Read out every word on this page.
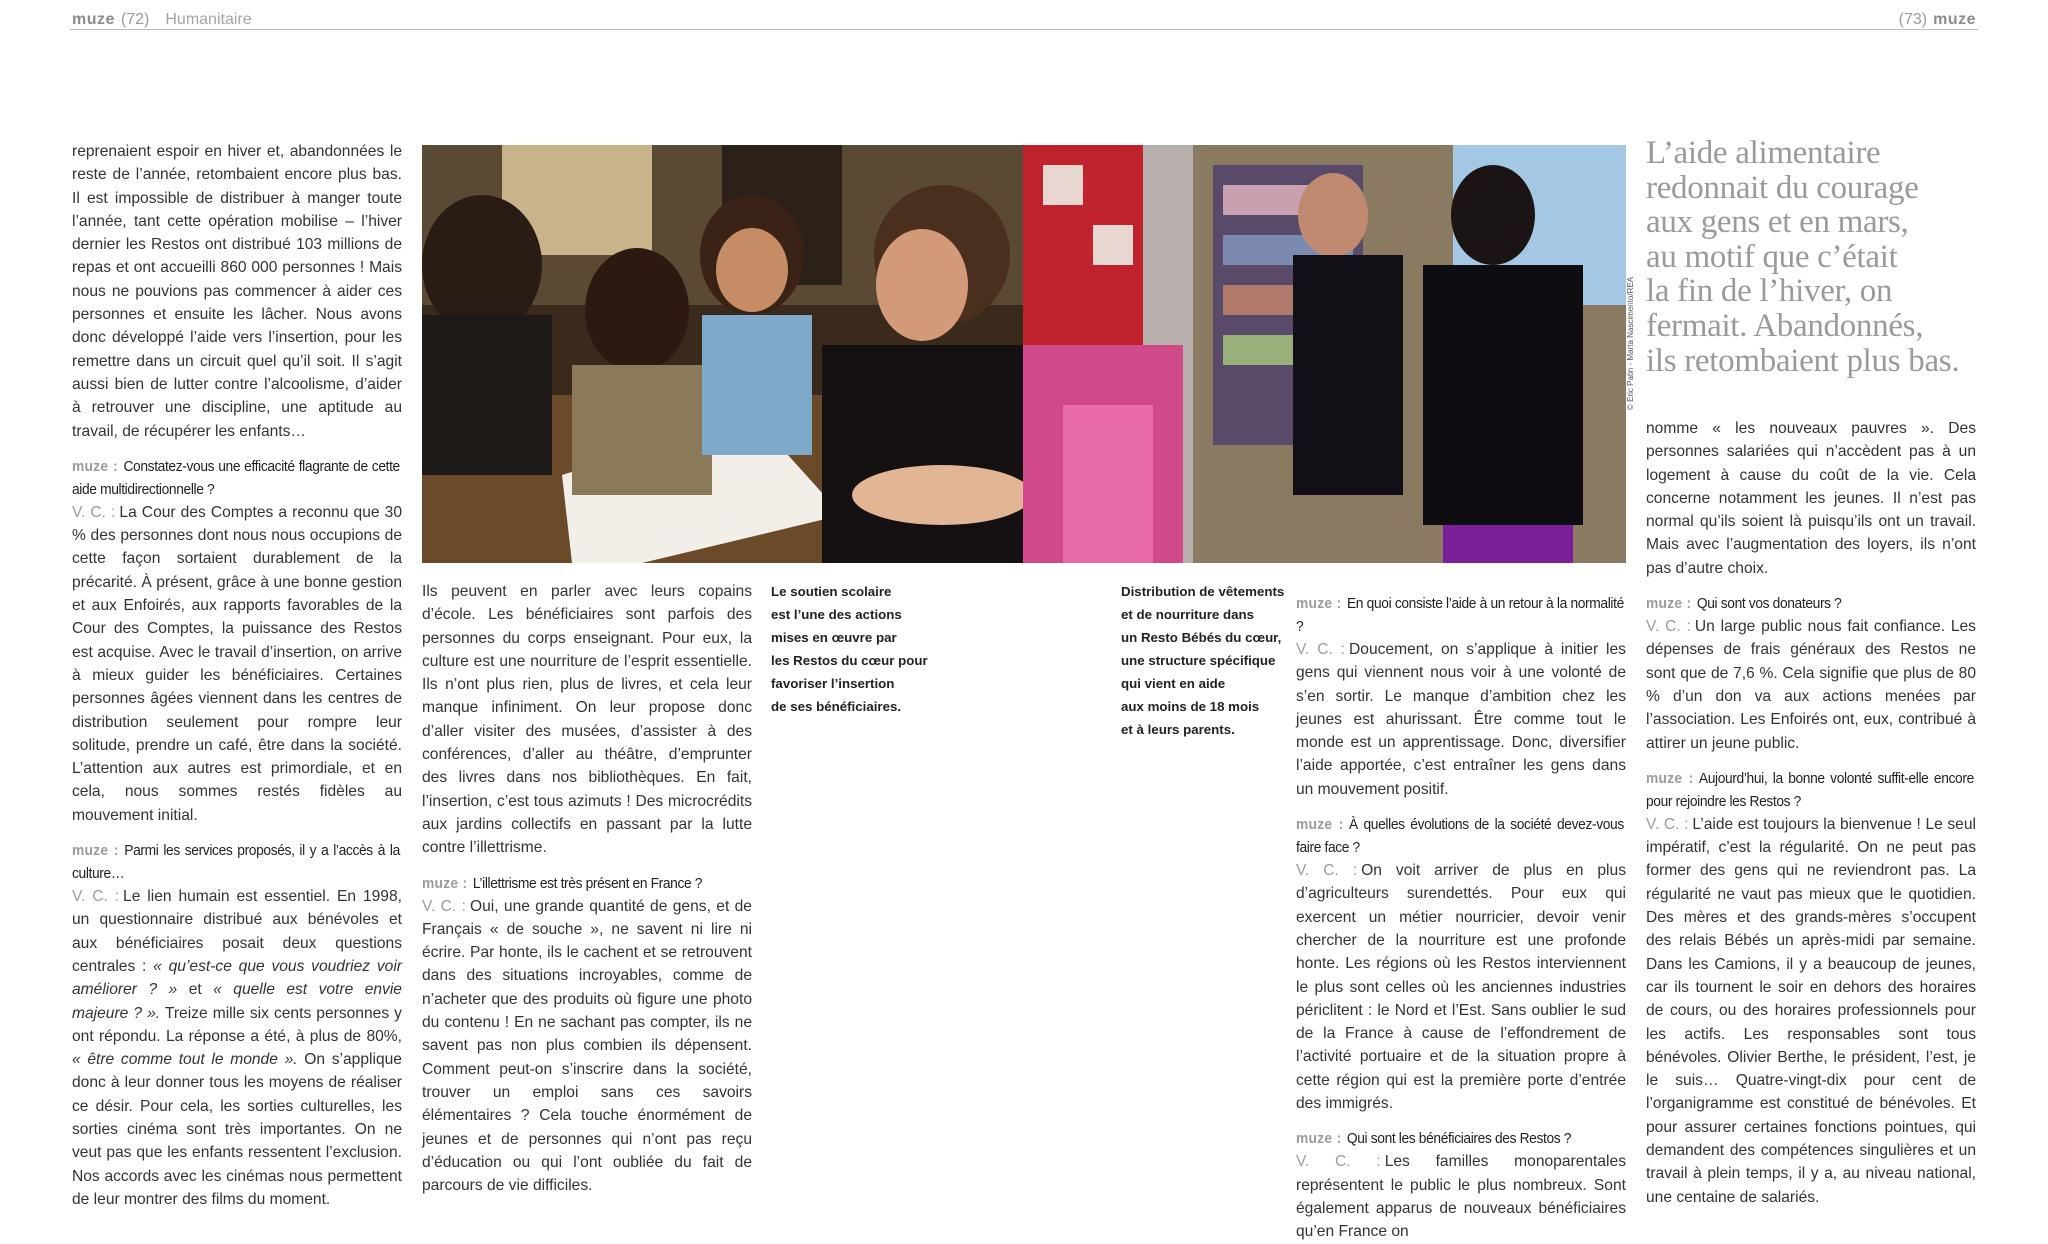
muze (72) Humanitaire	(73) muze

reprenaient espoir en hiver et, abandonnées le reste de l’année, retombaient encore plus bas. Il est impossible de distribuer à manger toute l’année, tant cette opération mobilise – l’hiver dernier les Restos ont distribué 103 millions de repas et ont accueilli 860 000 personnes ! Mais nous ne pouvions pas commencer à aider ces personnes et ensuite les lâcher. Nous avons donc développé l’aide vers l’insertion, pour les remettre dans un circuit quel qu’il soit. Il s’agit aussi bien de lutter contre l’alcoolisme, d’aider à retrouver une discipline, une aptitude au travail, de récupérer les enfants…

muze : Constatez-vous une efficacité flagrante de cette aide multidirectionnelle ?

V. C. : La Cour des Comptes a reconnu que 30 % des personnes dont nous nous occupions de cette façon sortaient durablement de la précarité. À présent, grâce à une bonne gestion et aux Enfoirés, aux rapports favorables de la Cour des Comptes, la puissance des Restos est acquise. Avec le travail d’insertion, on arrive à mieux guider les bénéficiaires. Certaines personnes âgées viennent dans les centres de distribution seulement pour rompre leur solitude, prendre un café, être dans la société. L’attention aux autres est primordiale, et en cela, nous sommes restés fidèles au mouvement initial.

muze : Parmi les services proposés, il y a l’accès à la culture…

V. C. : Le lien humain est essentiel. En 1998, un questionnaire distribué aux bénévoles et aux bénéficiaires posait deux questions centrales : « qu’est-ce que vous voudriez voir améliorer ? » et « quelle est votre envie majeure ? ». Treize mille six cents personnes y ont répondu. La réponse a été, à plus de 80%, « être comme tout le monde ». On s’applique donc à leur donner tous les moyens de réaliser ce désir. Pour cela, les sorties culturelles, les sorties cinéma sont très importantes. On ne veut pas que les enfants ressentent l’exclusion. Nos accords avec les cinémas nous permettent de leur montrer des films du moment.

© Eric Patin - Marta Nascimento/REA
Le soutien scolaire
est l’une des actions
mises en œuvre par
les Restos du cœur pour
favoriser l’insertion
de ses bénéficiaires.
Distribution de vêtements
et de nourriture dans
un Resto Bébés du cœur,
une structure spécifique
qui vient en aide
aux moins de 18 mois
et à leurs parents.

Ils peuvent en parler avec leurs copains d’école. Les bénéficiaires sont parfois des personnes du corps enseignant. Pour eux, la culture est une nourriture de l’esprit essentielle. Ils n’ont plus rien, plus de livres, et cela leur manque infiniment. On leur propose donc d’aller visiter des musées, d’assister à des conférences, d’aller au théâtre, d’emprunter des livres dans nos bibliothèques. En fait, l’insertion, c’est tous azimuts ! Des microcrédits aux jardins collectifs en passant par la lutte contre l’illettrisme.

muze : L’illettrisme est très présent en France ?

V. C. : Oui, une grande quantité de gens, et de Français « de souche », ne savent ni lire ni écrire. Par honte, ils le cachent et se retrouvent dans des situations incroyables, comme de n’acheter que des produits où figure une photo du contenu ! En ne sachant pas compter, ils ne savent pas non plus combien ils dépensent. Comment peut-on s’inscrire dans la société, trouver un emploi sans ces savoirs élémentaires ? Cela touche énormément de jeunes et de personnes qui n’ont pas reçu d’éducation ou qui l’ont oubliée du fait de parcours de vie difficiles.

L’aide alimentaire
redonnait du courage
aux gens et en mars,
au motif que c’était
la fin de l’hiver, on
fermait. Abandonnés,
ils retombaient plus bas.

muze : En quoi consiste l’aide à un retour à la normalité ?

V. C. : Doucement, on s’applique à initier les gens qui viennent nous voir à une volonté de s’en sortir. Le manque d’ambition chez les jeunes est ahurissant. Être comme tout le monde est un apprentissage. Donc, diversifier l’aide apportée, c’est entraîner les gens dans un mouvement positif.

muze : À quelles évolutions de la société devez-vous faire face ?

V. C. : On voit arriver de plus en plus d’agriculteurs surendettés. Pour eux qui exercent un métier nourricier, devoir venir chercher de la nourriture est une profonde honte. Les régions où les Restos interviennent le plus sont celles où les anciennes industries périclitent : le Nord et l’Est. Sans oublier le sud de la France à cause de l’effondrement de l’activité portuaire et de la situation propre à cette région qui est la première porte d’entrée des immigrés.

muze : Qui sont les bénéficiaires des Restos ?

V. C. : Les familles monoparentales représentent le public le plus nombreux. Sont également apparus de nouveaux bénéficiaires qu’en France on

nomme « les nouveaux pauvres ». Des personnes salariées qui n’accèdent pas à un logement à cause du coût de la vie. Cela concerne notamment les jeunes. Il n’est pas normal qu’ils soient là puisqu’ils ont un travail. Mais avec l’augmentation des loyers, ils n’ont pas d’autre choix.

muze : Qui sont vos donateurs ?

V. C. : Un large public nous fait confiance. Les dépenses de frais généraux des Restos ne sont que de 7,6 %. Cela signifie que plus de 80 % d’un don va aux actions menées par l’association. Les Enfoirés ont, eux, contribué à attirer un jeune public.

muze : Aujourd’hui, la bonne volonté suffit-elle encore pour rejoindre les Restos ?

V. C. : L’aide est toujours la bienvenue ! Le seul impératif, c’est la régularité. On ne peut pas former des gens qui ne reviendront pas. La régularité ne vaut pas mieux que le quotidien. Des mères et des grands-mères s’occupent des relais Bébés un après-midi par semaine. Dans les Camions, il y a beaucoup de jeunes, car ils tournent le soir en dehors des horaires de cours, ou des horaires professionnels pour les actifs. Les responsables sont tous bénévoles. Olivier Berthe, le président, l’est, je le suis… Quatre-vingt-dix pour cent de l’organigramme est constitué de bénévoles. Et pour assurer certaines fonctions pointues, qui demandent des compétences singulières et un travail à plein temps, il y a, au niveau national, une centaine de salariés.
